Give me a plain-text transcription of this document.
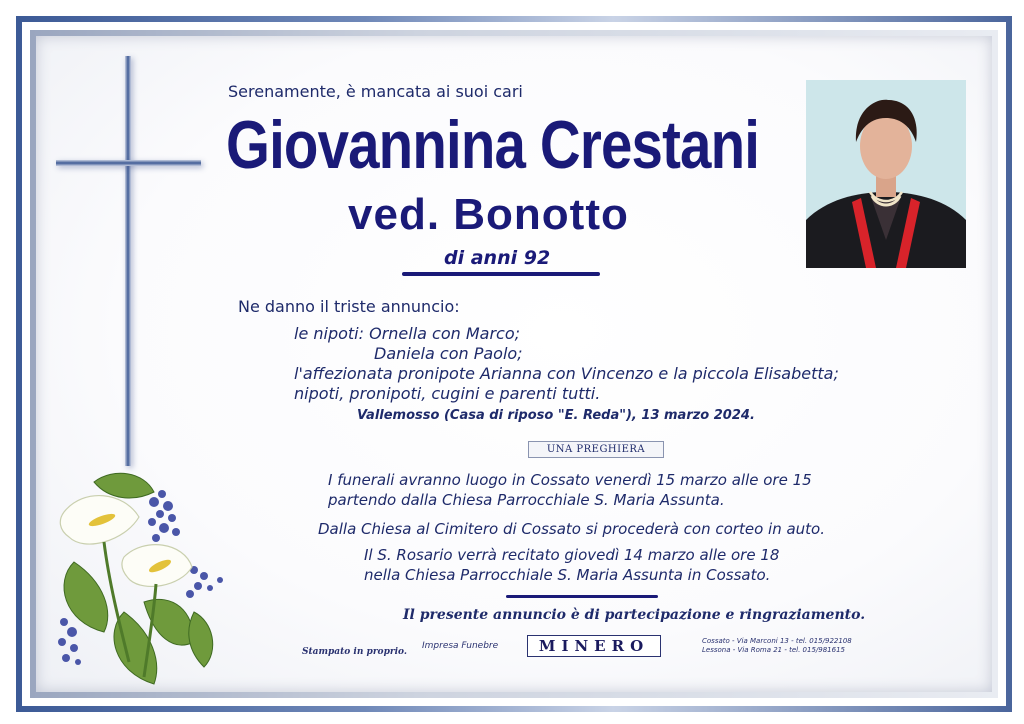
Serenamente, è mancata ai suoi cari
Giovannina Crestani
ved. Bonotto
di anni 92
Ne danno il triste annuncio:
le nipoti: Ornella con Marco;
Daniela con Paolo;
l'affezionata pronipote Arianna con Vincenzo e la piccola Elisabetta;
nipoti, pronipoti, cugini e parenti tutti.
Vallemosso (Casa di riposo "E. Reda"), 13 marzo 2024.
UNA PREGHIERA
I funerali avranno luogo in Cossato venerdì 15 marzo alle ore 15
partendo dalla Chiesa Parrocchiale S. Maria Assunta.
Dalla Chiesa al Cimitero di Cossato si procederà con corteo in auto.
Il S. Rosario verrà recitato giovedì 14 marzo alle ore 18
nella Chiesa Parrocchiale S. Maria Assunta in Cossato.
Il presente annuncio è di partecipazione e ringraziamento.
Stampato in proprio.
Impresa Funebre	MINERO	Cossato - Via Marconi 13 - tel. 015/922108
Lessona - Via Roma 21 - tel. 015/981615
